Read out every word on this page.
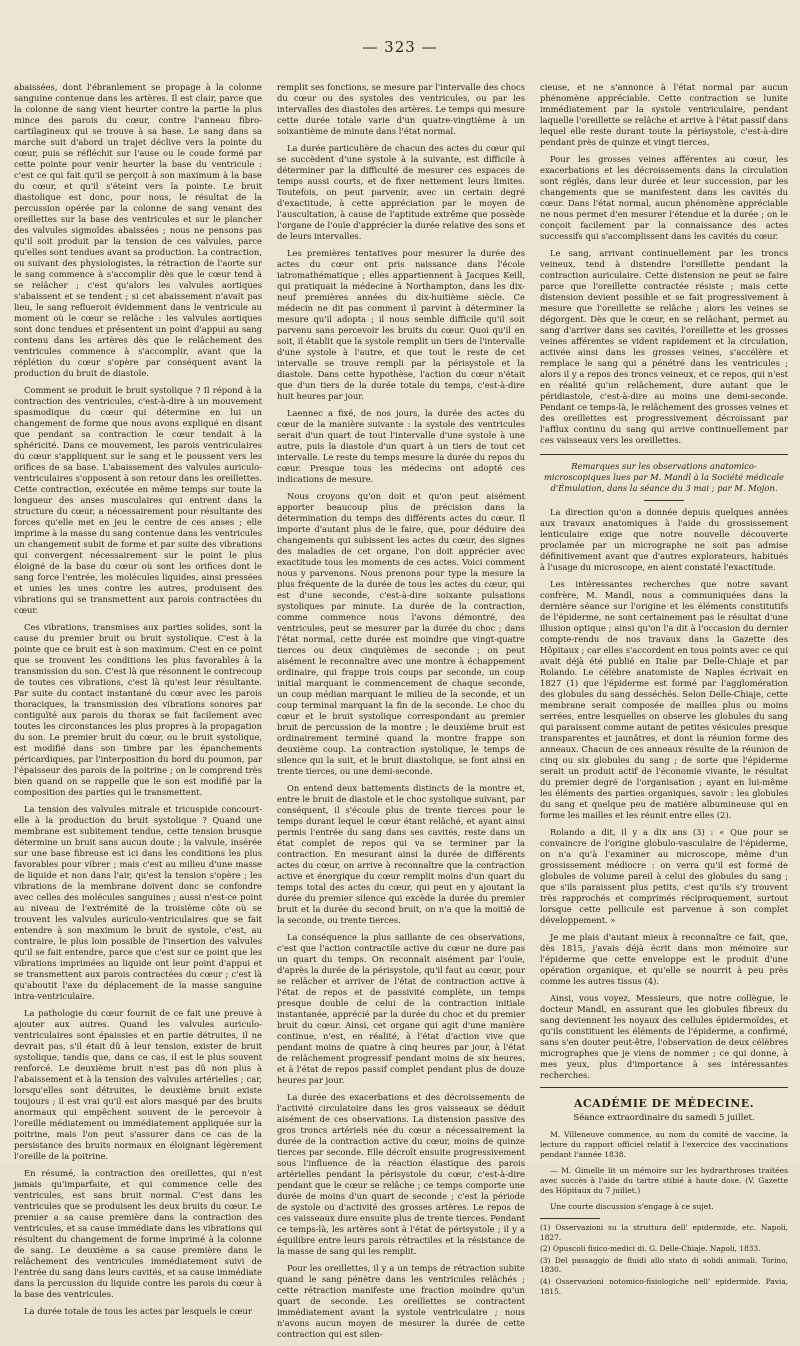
— 323 —

abaissées, dont l'ébranlement se propage à la colonne sanguine contenue dans les artères. Il est clair, parce que la colonne de sang vient heurter contre la partie la plus mince des parois du cœur, contre l'anneau fibro-cartilagineux qui se trouve à sa base. Le sang dans sa marche suit d'abord un trajet déclive vers la pointe du cœur, puis se réfléchit sur l'ause ou le coude formé par cette pointe pour venir heurter la base du ventricule : c'est ce qui fait qu'il se perçoit à son maximum à la base du cœur, et qu'il s'éteint vers la pointe. Le bruit diastolique est donc, pour nous, le résultat de la percussion opérée par la colonne de sang venant des oreillettes sur la base des ventricules et sur le plancher des valvules sigmoïdes abaissées ; nous ne pensons pas qu'il soit produit par la tension de ces valvules, parce qu'elles sont tendues avant sa production. La contraction, ou suivant des physiologistes, la rétraction de l'aorte sur le sang commence à s'accomplir dès que le cœur tend à se relâcher ; c'est qu'alors les valvules aortiques s'abaissent et se tendent ; si cet abaissement n'avait pas lieu, le sang reflueroit évidemment dans le ventricule au moment où le cœur se relâche : les valvules aortiques sont donc tendues et présentent un point d'appui au sang contenu dans les artères dès que le relâchement des ventricules commence à s'accomplir, avant que la réplétion du cœur s'opère par conséquent avant la production du bruit de diastole.

Comment se produit le bruit systolique ? Il répond à la contraction des ventricules, c'est-à-dire à un mouvement spasmodique du cœur qui détermine en lui un changement de forme que nous avons expliqué en disant que pendant sa contraction le cœur tendait à la sphéricité. Dans ce mouvement, les parois ventriculaires du cœur s'appliquent sur le sang et le poussent vers les orifices de sa base. L'abaissement des valvules auriculo-ventriculaires s'opposent à son retour dans les oreillettes. Cette contraction, exécutée en même temps sur toute la longueur des anses musculaires qui entrent dans la structure du cœur, a nécessairement pour résultante des forces qu'elle met en jeu le centre de ces anses ; elle imprime à la masse du sang contenue dans les ventricules un changement subit de forme et par suite des vibrations qui convergent nécessairement sur le point le plus éloigné de la base du cœur où sont les orifices dont le sang force l'entrée, les molécules liquides, ainsi pressées et unies les unes contre les autres, produisent des vibrations qui se transmettent aux parois contractées du cœur.

Ces vibrations, transmises aux parties solides, sont la cause du premier bruit ou bruit systolique. C'est à la pointe que ce bruit est à son maximum. C'est en ce point que se trouvent les conditions les plus favorables à la transmission du son. C'est là que résonnent le contrecoup de toutes ces vibrations, c'est là qu'est leur résultante. Par suite du contact instantané du cœur avec les parois thoraciques, la transmission des vibrations sonores par contiguïté aux parois du thorax se fait facilement avec toutes les circonstances les plus propres à la propagation du son. Le premier bruit du cœur, ou le bruit systolique, est modifié dans son timbre par les épanchements péricardiques, par l'interposition du bord du poumon, par l'épaisseur des parois de la poitrine ; on le comprend très bien quand on se rappelle que le son est modifié par la composition des parties qui le transmettent.

La tension des valvules mitrale et tricuspide concourt-elle à la production du bruit systolique ? Quand une membrane est subitement tendue, cette tension brusque détermine un bruit sans aucun doute ; la valvule, insérée sur une base fibreuse est ici dans les conditions les plus favorables pour vibrer ; mais c'est au milieu d'une masse de liquide et non dans l'air, qu'est la tension s'opère ; les vibrations de la membrane doivent donc se confondre avec celles des molécules sanguines ; aussi n'est-ce point au niveau de l'extrémité de la troisième côte où se trouvent les valvules auriculo-ventriculaires que se fait entendre à son maximum le bruit de systole, c'est, au contraire, le plus loin possible de l'insertion des valvules qu'il se fait entendre, parce que c'est sur ce point que les vibrations imprimées au liquide ont leur point d'appui et se transmettent aux parois contractées du cœur ; c'est là qu'aboutit l'axe du déplacement de la masse sanguine intra-ventriculaire.

La pathologie du cœur fournit de ce fait une preuve à ajouter aux autres. Quand les valvules auriculo-ventriculaires sont épaissies et en partie détruites, il ne devrait pas, s'il était dû à leur tension, exister de bruit systolique, tandis que, dans ce cas, il est le plus souvent renforcé. Le deuxième bruit n'est pas dû non plus à l'abaissement et à la tension des valvules artérielles ; car, lorsqu'elles sont détruites, le deuxième bruit existe toujours ; il est vrai qu'il est alors masqué par des bruits anormaux qui empêchent souvent de le percevoir à l'oreille médiatement ou immédiatement appliquée sur la poitrine, mais l'on peut s'assurer dans ce cas de la persistance des bruits normaux en éloignant légèrement l'oreille de la poitrine.

En résumé, la contraction des oreillettes, qui n'est jamais qu'imparfaite, et qui commence celle des ventricules, est sans bruit normal. C'est dans les ventricules que se produisent les deux bruits du cœur. Le premier a sa cause première dans la contraction des ventricules, et sa cause immédiate dans les vibrations qui résultent du changement de forme imprimé à la colonne de sang. Le deuxième a sa cause première dans le relâchement des ventricules immédiatement suivi de l'entrée du sang dans leurs cavités, et sa cause immédiate dans la percussion du liquide contre les parois du cœur à la base des ventricules.

La durée totale de tous les actes par lesquels le cœur

remplit ses fonctions, se mesure par l'intervalle des chocs du cœur ou des systoles des ventricules, ou par les intervalles des diastoles des artères. Le temps qui mesure cette durée totale varie d'un quatre-vingtième à un soixantième de minute dans l'état normal.

La durée particulière de chacun des actes du cœur qui se succèdent d'une systole à la suivante, est difficile à déterminer par la difficulté de mesurer ces espaces de temps aussi courts, et de fixer nettement leurs limites. Toutefois, on peut parvenir, avec un certain degré d'exactitude, à cette appréciation par le moyen de l'auscultation, à cause de l'aptitude extrême que possède l'organe de l'ouïe d'apprécier la durée relative des sons et de leurs intervalles.

Les premières tentatives pour mesurer la durée des actes du cœur ont pris naissance dans l'école iatromathématique ; elles appartiennent à Jacques Keill, qui pratiquait la médecine à Northampton, dans les dix-neuf premières années du dix-huitième siècle. Ce médecin ne dit pas comment il parvint à déterminer la mesure qu'il adopta ; il nous semble difficile qu'il soit parvenu sans percevoir les bruits du cœur. Quoi qu'il en soit, il établit que la systole remplit un tiers de l'intervalle d'une systole à l'autre, et que tout le reste de cet intervalle se trouve rempli par la périsystole et la diastole. Dans cette hypothèse, l'action du cœur n'était que d'un tiers de la durée totale du temps, c'est-à-dire huit heures par jour.

Laennec a fixé, de nos jours, la durée des actes du cœur de la manière suivante : la systole des ventricules serait d'un quart de tout l'intervalle d'une systole à une autre, puis la diastole d'un quart à un tiers de tout cet intervalle. Le reste du temps mesure la durée du repos du cœur. Presque tous les médecins ont adopté ces indications de mesure.

Nous croyons qu'on doit et qu'on peut aisément apporter beaucoup plus de précision dans la détermination du temps des différents actes du cœur. Il importe d'autant plus de le faire, que, pour déduire des changements qui subissent les actes du cœur, des signes des maladies de cet organe, l'on doit apprécier avec exactitude tous les moments de ces actes. Voici comment nous y parvenons. Nous prenons pour type la mesure la plus fréquente de la durée de tous les actes du cœur, qui est d'une seconde, c'est-à-dire soixante pulsations systoliques par minute. La durée de la contraction, comme commence nous l'avons démontré, des ventricules, peut se mesurer par la durée du choc ; dans l'état normal, cette durée est moindre que vingt-quatre tierces ou deux cinquièmes de seconde ; on peut aisément le reconnaître avec une montre à échappement ordinaire, qui frappe trois coups par seconde, un coup initial marquant le commencement de chaque seconde, un coup médian marquant le milieu de la seconde, et un coup terminal marquant la fin de la seconde. Le choc du cœur et le bruit systolique correspondant au premier bruit de percussion de la montre ; le deuxième bruit est ordinairement terminé quand la montre frappe son deuxième coup. La contraction systolique, le temps de silence qui la suit, et le bruit diastolique, se font ainsi en trente tierces, ou une demi-seconde.

On entend deux battements distincts de la montre et, entre le bruit de diastole et le choc systolique suivant, par conséquent, il s'écoule plus de trente tierces pour le temps durant lequel le cœur étant relâché, et ayant ainsi permis l'entrée du sang dans ses cavités, reste dans un état complet de repos qui va se terminer par la contraction. En mesurant ainsi la durée de différents actes du cœur, on arrive à reconnaître que la contraction active et énergique du cœur remplit moins d'un quart du temps total des actes du cœur, qui peut en y ajoutant la durée du premier silence qui excède la durée du premier bruit et la durée du second bruit, on n'a que la moitié de la seconde, ou trente tierces.

La conséquence la plus saillante de ces observations, c'est que l'action contractile active du cœur ne dure pas un quart du temps. On reconnaît aisément par l'ouïe, d'après la durée de la périsystole, qu'il faut au cœur, pour se relâcher et arriver de l'état de contraction active à l'état de repos et de passivité complète, un temps presque double de celui de la contraction initiale instantanée, apprécié par la durée du choc et du premier bruit du cœur. Ainsi, cet organe qui agit d'une manière continue, n'est, en réalité, à l'état d'action vive que pendant moins de quatre à cinq heures par jour, à l'état de relâchement progressif pendant moins de six heures, et à l'état de repos passif complet pendant plus de douze heures par jour.

La durée des exacerbations et des décroissements de l'activité circulatoire dans les gros vaisseaux se déduit aisément de ces observations. La distension passive des gros troncs artériels née du cœur a nécessairement la durée de la contraction active du cœur, moins de quinze tierces par seconde. Elle décroît ensuite progressivement sous l'influence de la réaction élastique des parois artérielles pendant la périsystole du cœur, c'est-à-dire pendant que le cœur se relâche ; ce temps comporte une durée de moins d'un quart de seconde ; c'est la période de systole ou d'activité des grosses artères. Le repos de ces vaisseaux dure ensuite plus de trente tierces. Pendant ce temps-là, les artères sont à l'état de périsystole ; il y a équilibre entre leurs parois rétractiles et la résistance de la masse de sang qui les remplit.

Pour les oreillettes, il y a un temps de rétraction subite quand le sang pénètre dans les ventricules relâchés ; cette rétraction manifeste une fraction moindre qu'un quart de seconde. Les oreillettes se contractent immédiatement avant la systole ventriculaire ; nous n'avons aucun moyen de mesurer la durée de cette contraction qui est silen-

cieuse, et ne s'annonce à l'état normal par aucun phénomène appréciable. Cette contraction se lunite immédiatement par la systole ventriculaire, pendant laquelle l'oreillette se relâche et arrive à l'état passif dans lequel elle reste durant toute la périsystole, c'est-à-dire pendant près de quinze et vingt tierces.

Pour les grosses veines afférentes au cœur, les exacerbations et les décroissements dans la circulation sont réglés, dans leur durée et leur succession, par les changements que se manifestent dans les cavités du cœur. Dans l'état normal, aucun phénomène appréciable ne nous permet d'en mesurer l'étendue et la durée ; on le conçoit facilement par la connaissance des actes successifs qui s'accomplissent dans les cavités du cœur.

Le sang, arrivant continuellement par les troncs veineux, tend à distendre l'oreillette pendant la contraction auriculaire. Cette distension ne peut se faire parce que l'oreillette contractée résiste ; mais cette distension devient possible et se fait progressivement à mesure que l'oreillette se relâche ; alors les veines se dégorgent. Dès que le cœur, en se relâchant, permet au sang d'arriver dans ses cavités, l'oreillette et les grosses veines afférentes se vident rapidement et la circulation, activée ainsi dans les grosses veines, s'accélère et remplace le sang qui a pénétré dans les ventricules ; alors il y a repos des troncs veineux, et ce repos, qui n'est en réalité qu'un relâchement, dure autant que le péridiastole, c'est-à-dire au moins une demi-seconde. Pendant ce temps-là, le relâchement des grosses veines et des oreillettes est progressivement décroissant par l'afflux continu du sang qui arrive continuellement par ces vaisseaux vers les oreillettes.

Remarques sur les observations anatomico-microscopiques lues par M. Mandl à la Société médicale d'Émulation, dans la séance du 3 mai ; par M. Mojon.

La direction qu'on a donnée depuis quelques années aux travaux anatomiques à l'aide du grossissement lenticulaire exige que notre nouvelle découverte proclamée par un micrographe ne soit pas admise définitivement avant que d'autres explorateurs, habitués à l'usage du microscope, en aient constaté l'exactitude.

Les intéressantes recherches que notre savant confrère, M. Mandl, nous a communiquées dans la dernière séance sur l'origine et les éléments constitutifs de l'épiderme, ne sont certainement pas le résultat d'une illusion optique ; ainsi qu'on l'a dit à l'occasion du dernier compte-rendu de nos travaux dans la Gazette des Hôpitaux ; car elles s'accordent en tous points avec ce qui avait déjà été publié en Italie par Delle-Chiaje et par Rolando. Le célèbre anatomiste de Naples écrivait en 1827 (1) que l'épiderme est formé par l'agglomération des globules du sang desséchés. Selon Delle-Chiaje, cette membrane serait composée de mailles plus ou moins serrées, entre lesquelles on observe les globules du sang qui paraissent comme autant de petites vésicules presque transparentes et jaunâtres, et dont la réunion forme des anneaux. Chacun de ces anneaux résulte de la réunion de cinq ou six globules du sang ; de sorte que l'épiderme serait un produit actif de l'économie vivante, le résultat du premier degré de l'organisation ; ayant en lui-même les éléments des parties organiques, savoir : les globules du sang et quelque peu de matière albumineuse qui en forme les mailles et les réunit entre elles (2).

Rolando a dit, il y a dix ans (3) : « Que pour se convaincre de l'origine globulo-vasculaire de l'épiderme, on n'a qu'à l'examiner au microscope, même d'un grossissement médiocre : on verra qu'il est formé de globules de volume pareil à celui des globules du sang ; que s'ils paraissent plus petits, c'est qu'ils s'y trouvent très rapprochés et comprimés réciproquement, surtout lorsque cette pellicule est parvenue à son complet développement. »

Je me plais d'autant mieux à reconnaître ce fait, que, dès 1815, j'avais déjà écrit dans mon mémoire sur l'épiderme que cette enveloppe est le produit d'une opération organique, et qu'elle se nourrit à peu près comme les autres tissus (4).

Ainsi, vous voyez, Messieurs, que notre collègue, le docteur Mandl, en assurant que les globules fibreux du sang deviennent les noyaux des cellules épidermoïdes, et qu'ils constituent les éléments de l'épiderme, a confirmé, sans s'en douter peut-être, l'observation de deux célèbres micrographes que je viens de nommer ; ce qui donne, à mes yeux, plus d'importance à ses intéressantes recherches.

ACADÉMIE DE MÉDECINE.
Séance extraordinaire du samedi 5 juillet.

M. Villeneuve commence, au nom du comité de vaccine, la lecture du rapport officiel relatif à l'exercice des vaccinations pendant l'année 1838.

— M. Gimelle lit un mémoire sur les hydrarthroses traitées avec succès à l'aide du tartre stibié à haute dose. (V. Gazette des Hôpitaux du 7 juillet.)

Une courte discussion s'engage à ce sujet.

(1) Osservazioni su la struttura dell' epidermide, etc. Napoli, 1827.
(2) Opuscoli fisico-medici di. G. Delle-Chiaje. Napoli, 1833.
(3) Del passaggio de fluidi allo stato di solidi animali. Torino, 1830.
(4) Osservazioni notomico-fisiologiche nell' epidermide. Pavia, 1815.
